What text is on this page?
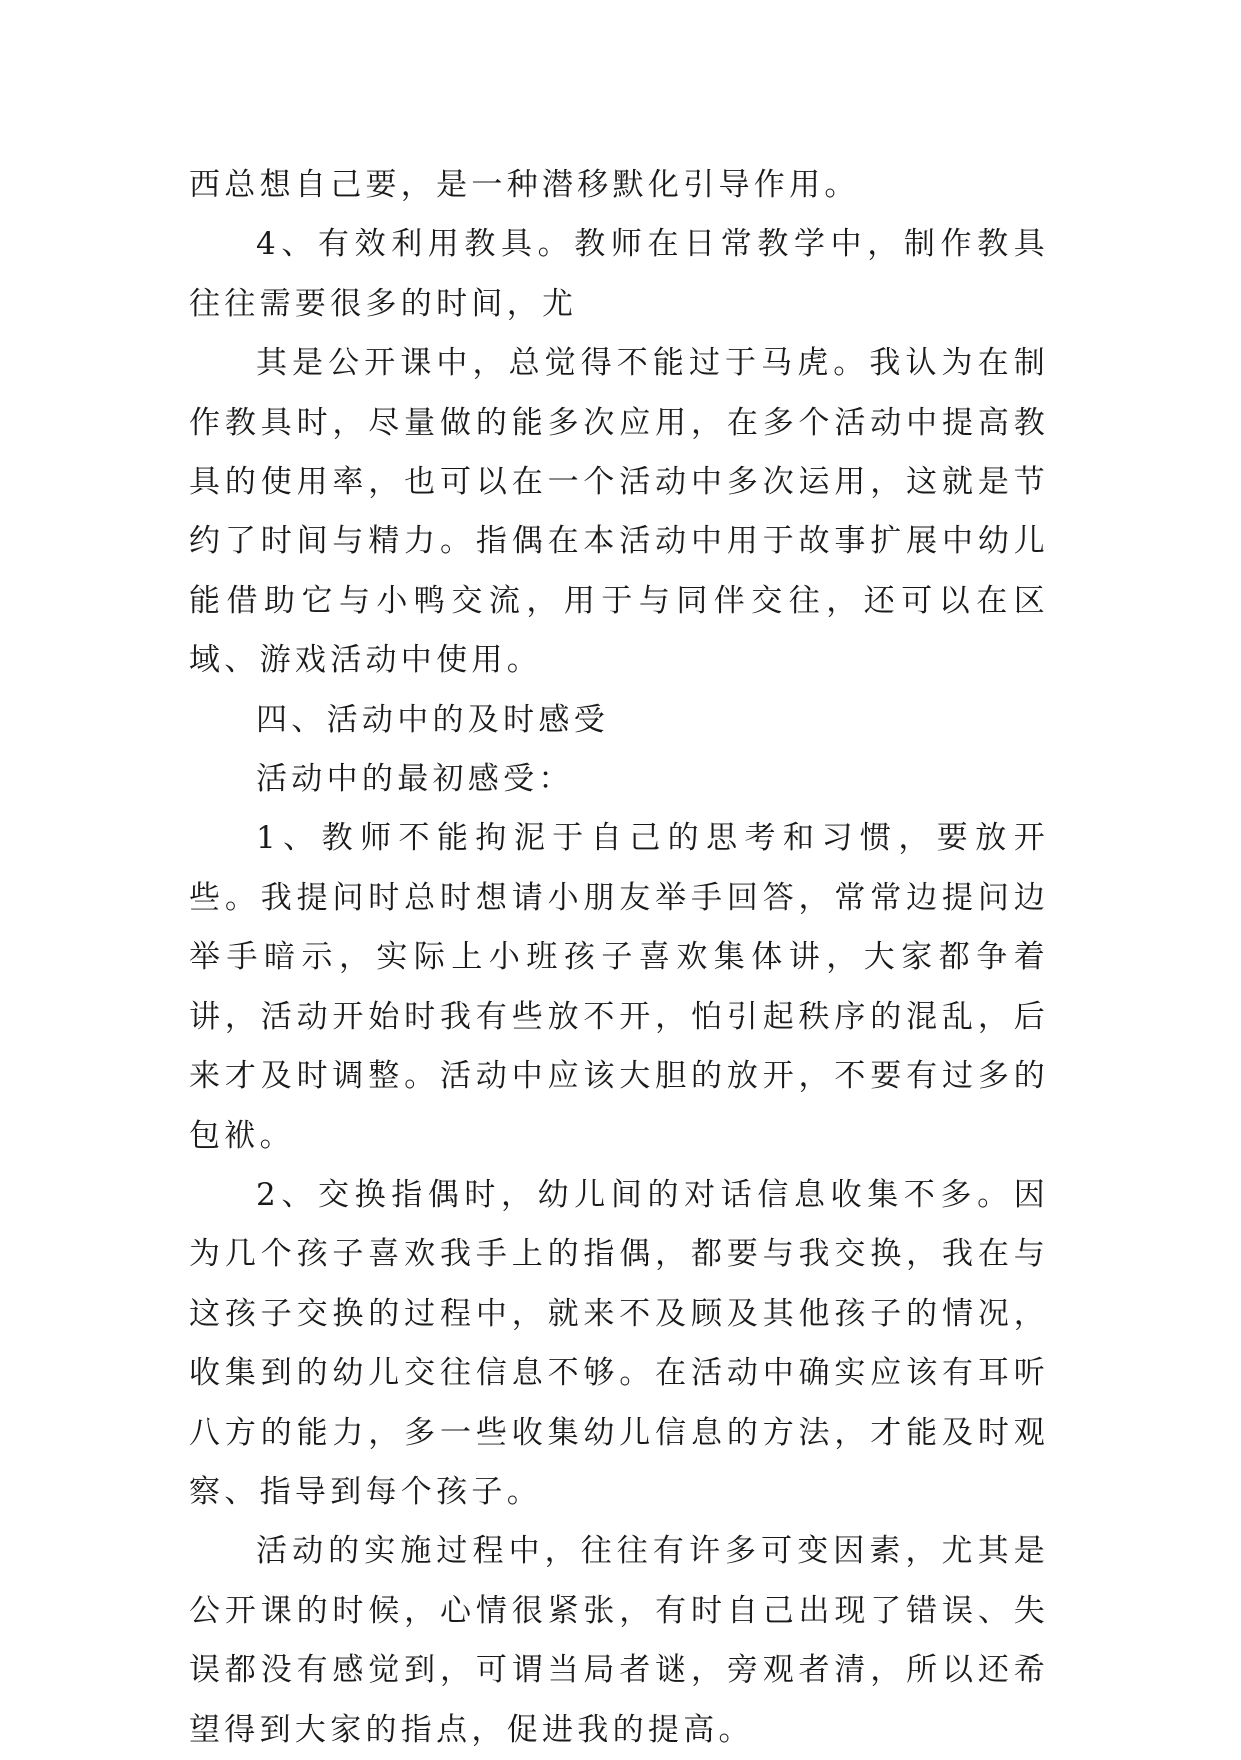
西总想自己要，是一种潜移默化引导作用。

4、有效利用教具。教师在日常教学中，制作教具往往需要很多的时间，尤

其是公开课中，总觉得不能过于马虎。我认为在制作教具时，尽量做的能多次应用，在多个活动中提高教具的使用率，也可以在一个活动中多次运用，这就是节约了时间与精力。指偶在本活动中用于故事扩展中幼儿能借助它与小鸭交流，用于与同伴交往，还可以在区域、游戏活动中使用。

四、活动中的及时感受

活动中的最初感受：

1、教师不能拘泥于自己的思考和习惯，要放开些。我提问时总时想请小朋友举手回答，常常边提问边举手暗示，实际上小班孩子喜欢集体讲，大家都争着讲，活动开始时我有些放不开，怕引起秩序的混乱，后来才及时调整。活动中应该大胆的放开，不要有过多的包袱。

2、交换指偶时，幼儿间的对话信息收集不多。因为几个孩子喜欢我手上的指偶，都要与我交换，我在与这孩子交换的过程中，就来不及顾及其他孩子的情况，收集到的幼儿交往信息不够。在活动中确实应该有耳听八方的能力，多一些收集幼儿信息的方法，才能及时观察、指导到每个孩子。

活动的实施过程中，往往有许多可变因素，尤其是公开课的时候，心情很紧张，有时自己出现了错误、失误都没有感觉到，可谓当局者谜，旁观者清，所以还希望得到大家的指点，促进我的提高。
